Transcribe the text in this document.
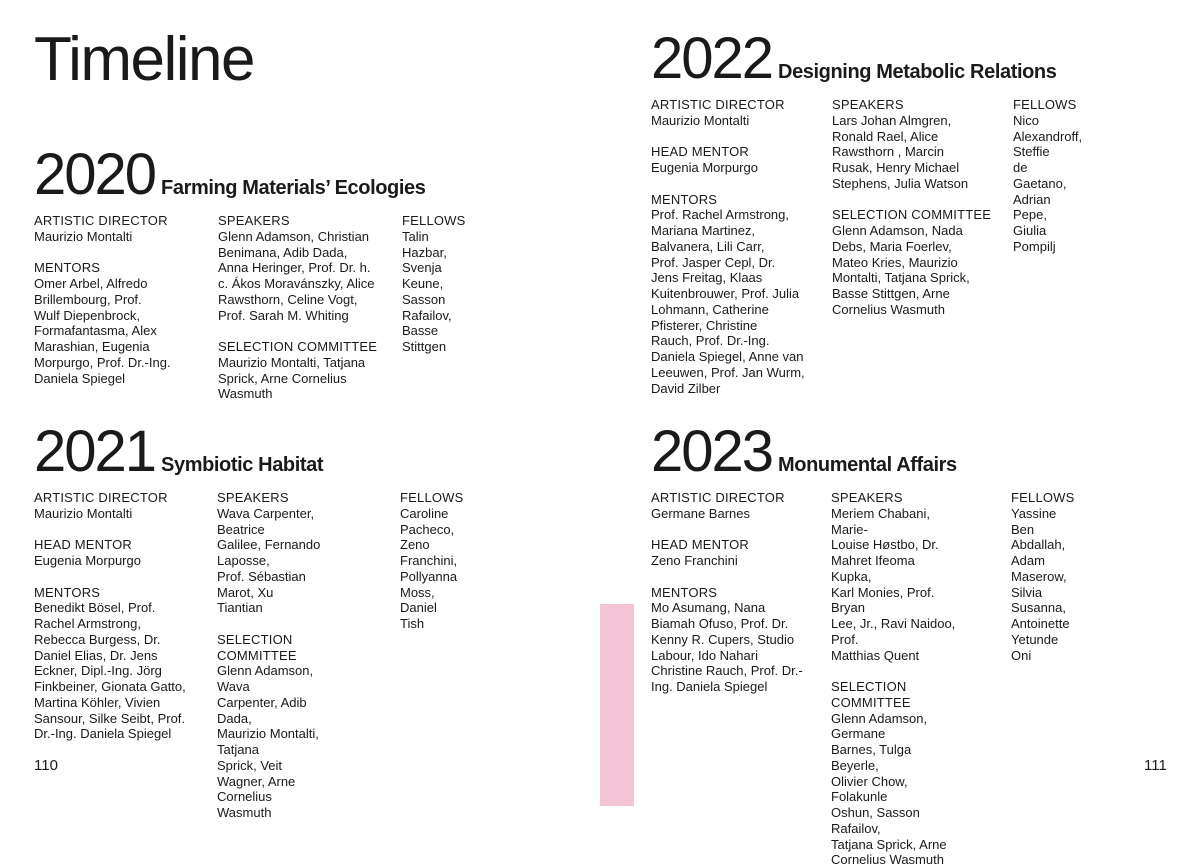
Timeline
2020 Farming Materials’ Ecologies
ARTISTIC DIRECTOR
Maurizio Montalti
MENTORS
Omer Arbel, Alfredo
Brillembourg, Prof.
Wulf Diepenbrock,
Formafantasma, Alex
Marashian, Eugenia
Morpurgo, Prof. Dr.-Ing.
Daniela Spiegel
SPEAKERS
Glenn Adamson, Christian
Benimana, Adib Dada,
Anna Heringer, Prof. Dr. h.
c. Ákos Moravánszky, Alice
Rawsthorn, Celine Vogt,
Prof. Sarah M. Whiting
SELECTION COMMITTEE
Maurizio Montalti, Tatjana
Sprick, Arne Cornelius
Wasmuth
FELLOWS
Talin Hazbar, Svenja
Keune, Sasson Rafailov,
Basse Stittgen
2021 Symbiotic Habitat
ARTISTIC DIRECTOR
Maurizio Montalti
HEAD MENTOR
Eugenia Morpurgo
MENTORS
Benedikt Bösel, Prof.
Rachel Armstrong,
Rebecca Burgess, Dr.
Daniel Elias, Dr. Jens
Eckner, Dipl.-Ing. Jörg
Finkbeiner, Gionata Gatto,
Martina Köhler, Vivien
Sansour, Silke Seibt, Prof.
Dr.-Ing. Daniela Spiegel
SPEAKERS
Wava Carpenter, Beatrice
Galilee, Fernando Laposse,
Prof. Sébastian Marot, Xu
Tiantian
SELECTION COMMITTEE
Glenn Adamson, Wava
Carpenter, Adib Dada,
Maurizio Montalti, Tatjana
Sprick, Veit Wagner, Arne
Cornelius Wasmuth
FELLOWS
Caroline Pacheco, Zeno
Franchini, Pollyanna Moss,
Daniel Tish
2022 Designing Metabolic Relations
ARTISTIC DIRECTOR
Maurizio Montalti
HEAD MENTOR
Eugenia Morpurgo
MENTORS
Prof. Rachel Armstrong,
Mariana Martinez,
Balvanera, Lili Carr,
Prof. Jasper Cepl, Dr.
Jens Freitag, Klaas
Kuitenbrouwer, Prof. Julia
Lohmann, Catherine
Pfisterer, Christine
Rauch, Prof. Dr.-Ing.
Daniela Spiegel, Anne van
Leeuwen, Prof. Jan Wurm,
David Zilber
SPEAKERS
Lars Johan Almgren,
Ronald Rael, Alice
Rawsthorn , Marcin
Rusak, Henry Michael
Stephens, Julia Watson
SELECTION COMMITTEE
Glenn Adamson, Nada
Debs, Maria Foerlev,
Mateo Kries, Maurizio
Montalti, Tatjana Sprick,
Basse Stittgen, Arne
Cornelius Wasmuth
FELLOWS
Nico Alexandroff, Steffie
de Gaetano, Adrian Pepe,
Giulia Pompilj
2023 Monumental Affairs
ARTISTIC DIRECTOR
Germane Barnes
HEAD MENTOR
Zeno Franchini
MENTORS
Mo Asumang, Nana
Biamah Ofuso, Prof. Dr.
Kenny R. Cupers, Studio
Labour, Ido Nahari
Christine Rauch, Prof. Dr.-
Ing. Daniela Spiegel
SPEAKERS
Meriem Chabani, Marie-
Louise Høstbo, Dr.
Mahret Ifeoma Kupka,
Karl Monies, Prof. Bryan
Lee, Jr., Ravi Naidoo, Prof.
Matthias Quent
SELECTION COMMITTEE
Glenn Adamson, Germane
Barnes, Tulga Beyerle,
Olivier Chow, Folakunle
Oshun, Sasson Rafailov,
Tatjana Sprick, Arne
Cornelius Wasmuth
FELLOWS
Yassine Ben Abdallah,
Adam Maserow, Silvia
Susanna, Antoinette
Yetunde Oni
110	111
